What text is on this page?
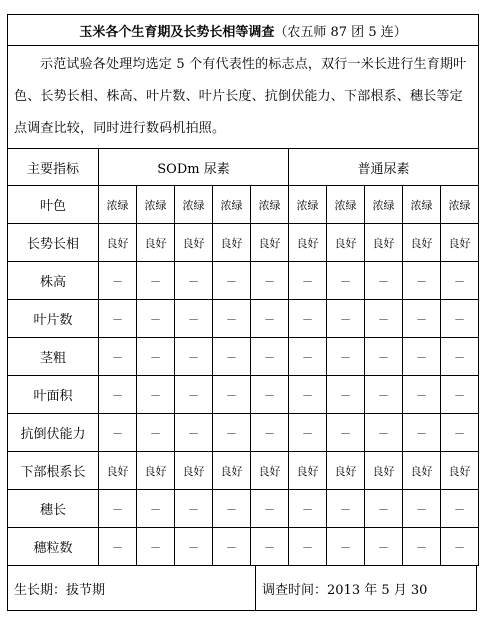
玉米各个生育期及长势长相等调查（农五师 87 团 5 连）										
示范试验各处理均选定 5 个有代表性的标志点，双行一米长进行生育期叶色、长势长相、株高、叶片数、叶片长度、抗倒伏能力、下部根系、穗长等定点调查比较，同时进行数码机拍照。										
主要指标	SODm 尿素					普通尿素				
叶色	浓绿	浓绿	浓绿	浓绿	浓绿	浓绿	浓绿	浓绿	浓绿	浓绿
长势长相	良好	良好	良好	良好	良好	良好	良好	良好	良好	良好
株高	－	－	－	－	－	－	－	－	－	－
叶片数	－	－	－	－	－	－	－	－	－	－
茎粗	－	－	－	－	－	－	－	－	－	－
叶面积	－	－	－	－	－	－	－	－	－	－
抗倒伏能力	－	－	－	－	－	－	－	－	－	－
下部根系长	良好	良好	良好	良好	良好	良好	良好	良好	良好	良好
穗长	－	－	－	－	－	－	－	－	－	－
穗粒数	－	－	－	－	－	－	－	－	－	－
生长期：拔节期	调查时间：2013 年 5 月 30
